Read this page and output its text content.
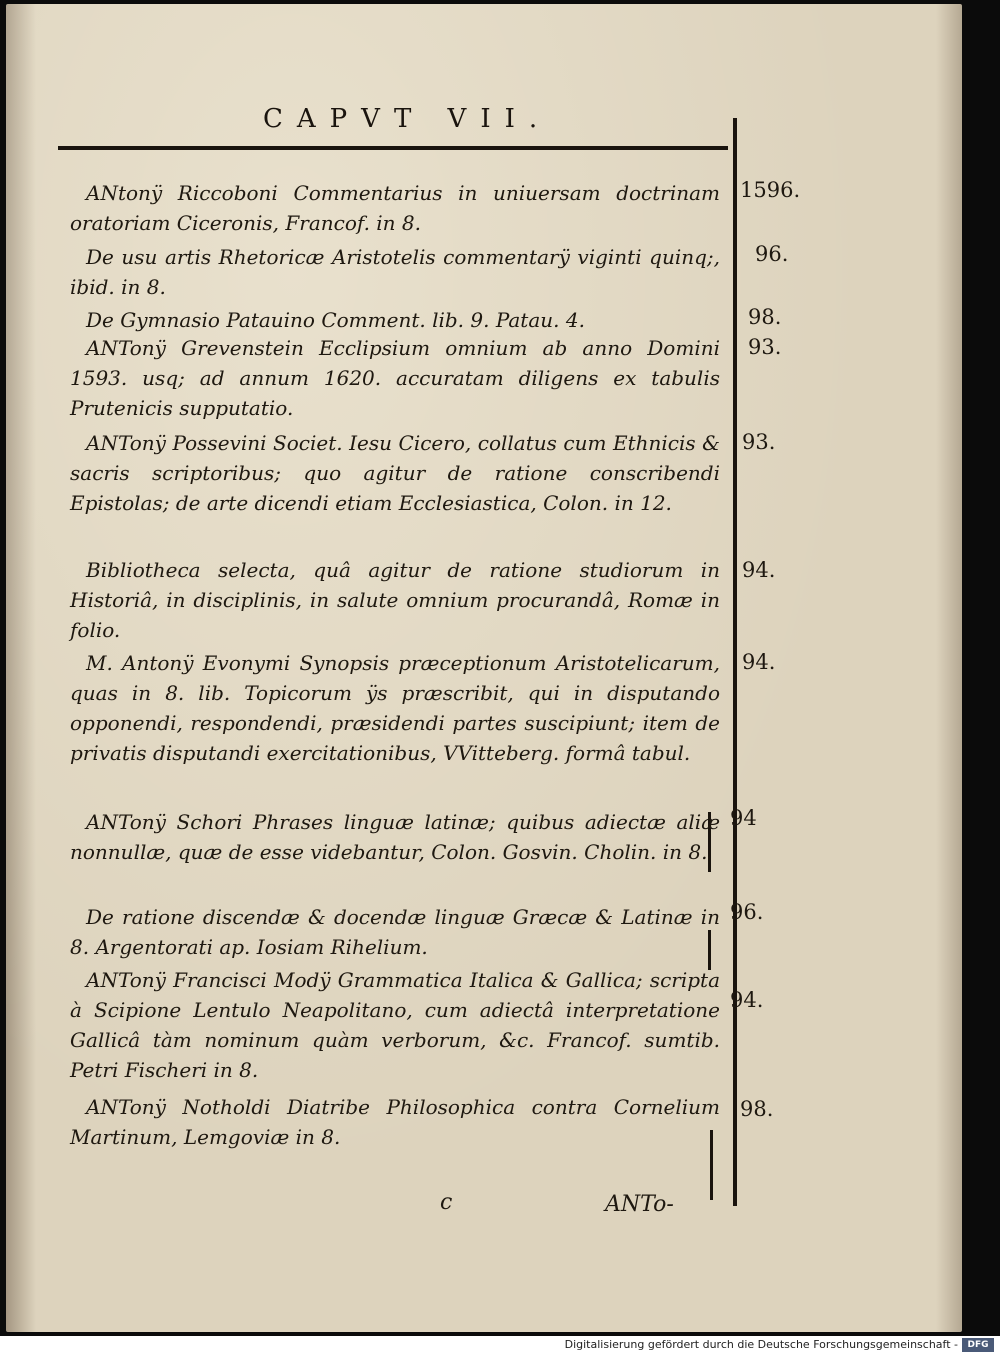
CAPVT VII.
ANtonÿ Riccoboni Commentarius in uniuersam doctrinam oratoriam Ciceronis, Francof. in 8.
De usu artis Rhetoricæ Aristotelis commentarÿ viginti quinq;, ibid. in 8.
De Gymnasio Patauino Comment. lib. 9. Patau. 4.
ANTonÿ Grevenstein Ecclipsium omnium ab anno Domini 1593. usq; ad annum 1620. accuratam diligens ex tabulis Prutenicis supputatio.
ANTonÿ Possevini Societ. Iesu Cicero, collatus cum Ethnicis & sacris scriptoribus; quo agitur de ratione conscribendi Epistolas; de arte dicendi etiam Ecclesiastica, Colon. in 12.
Bibliotheca selecta, quâ agitur de ratione studiorum in Historiâ, in disciplinis, in salute omnium procurandâ, Romæ in folio.
M. Antonÿ Evonymi Synopsis præceptionum Aristotelicarum, quas in 8. lib. Topicorum ÿs præscribit, qui in disputando opponendi, respondendi, præsidendi partes suscipiunt; item de privatis disputandi exercitationibus, VVitteberg. formâ tabul.
ANTonÿ Schori Phrases linguæ latinæ; quibus adiectæ aliæ nonnullæ, quæ de esse videbantur, Colon. Gosvin. Cholin. in 8.
De ratione discendæ & docendæ linguæ Græcæ & Latinæ in 8. Argentorati ap. Iosiam Rihelium.
ANTonÿ Francisci Modÿ Grammatica Italica & Gallica; scripta à Scipione Lentulo Neapolitano, cum adiectâ interpretatione Gallicâ tàm nominum quàm verborum, &c. Francof. sumtib. Petri Fischeri in 8.
ANTonÿ Notholdi Diatribe Philosophica contra Cornelium Martinum, Lemgoviæ in 8.
1596.
96.
98.
93.
93.
94.
94.
94
96.
94.
98.
c	ANTo-
Digitalisierung gefördert durch die Deutsche Forschungsgemeinschaft -	DFG
